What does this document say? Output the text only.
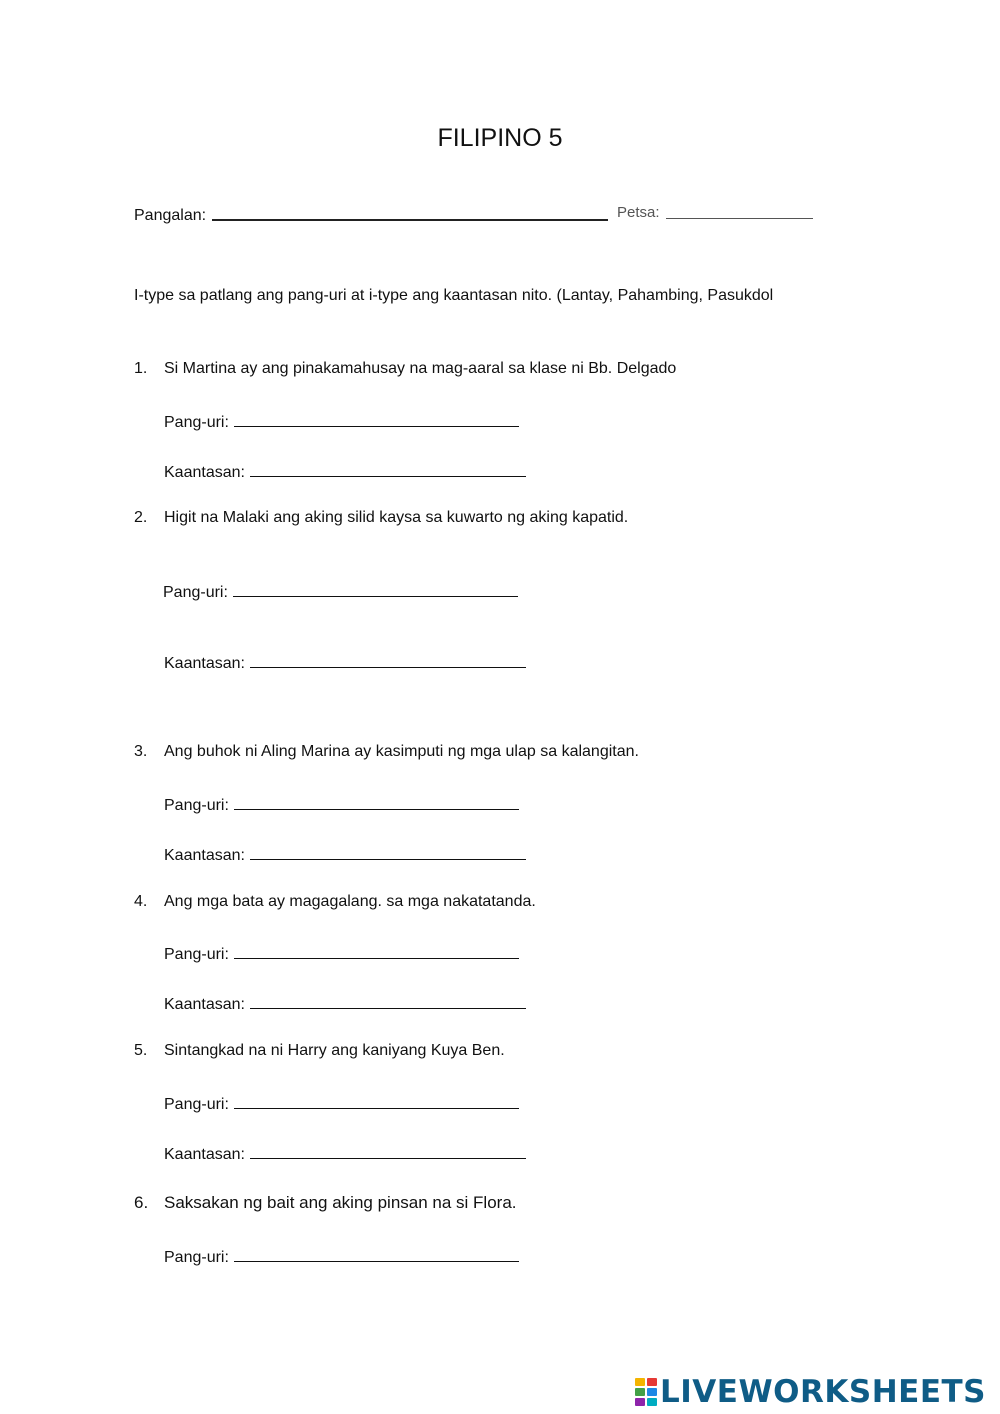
FILIPINO 5
Pangalan:	Petsa:
I-type sa patlang ang pang-uri at i-type ang kaantasan nito. (Lantay, Pahambing, Pasukdol
1. Si Martina ay ang pinakamahusay na mag-aaral sa klase ni Bb. Delgado
Pang-uri:
Kaantasan:
2. Higit na Malaki ang aking silid kaysa sa kuwarto ng aking kapatid.
Pang-uri:
Kaantasan:
3. Ang buhok ni Aling Marina ay kasimputi ng mga ulap sa kalangitan.
Pang-uri:
Kaantasan:
4. Ang mga bata ay magagalang. sa mga nakatatanda.
Pang-uri:
Kaantasan:
5. Sintangkad na ni Harry ang kaniyang Kuya Ben.
Pang-uri:
Kaantasan:
6. Saksakan ng bait ang aking pinsan na si Flora.
Pang-uri:
LIVEWORKSHEETS
